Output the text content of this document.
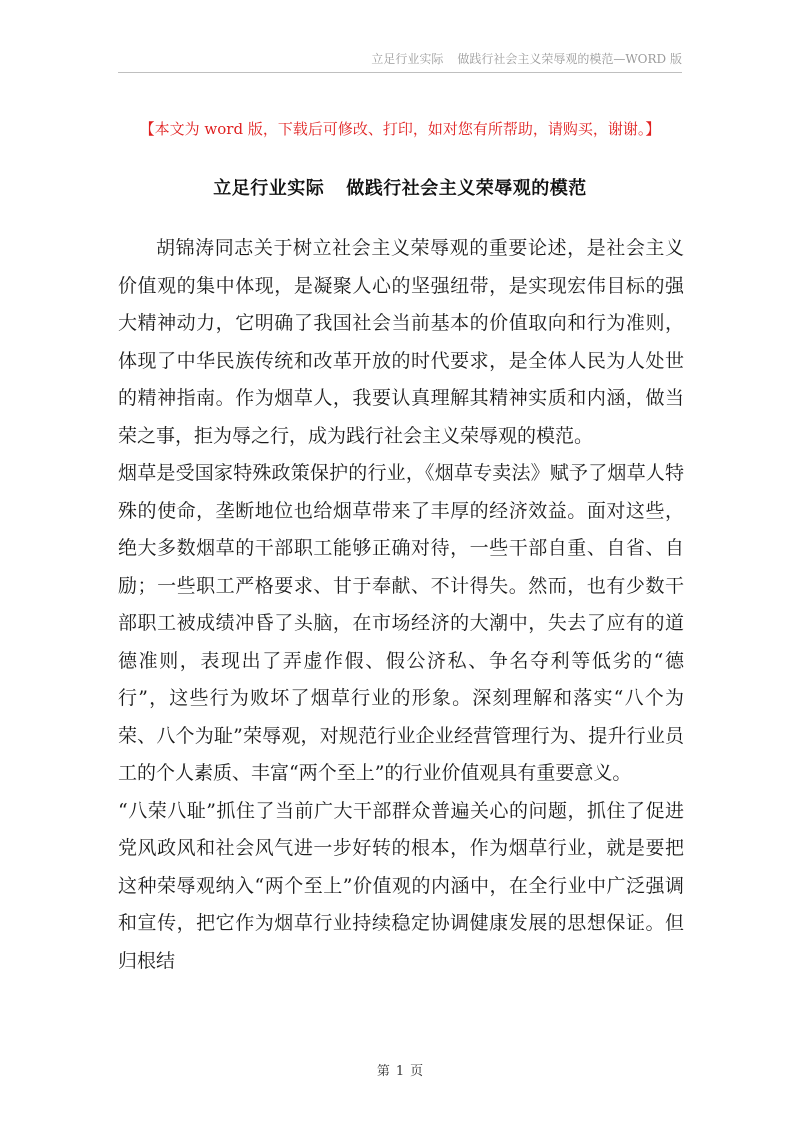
立足行业实际 做践行社会主义荣辱观的模范—WORD 版
【本文为 word 版，下载后可修改、打印，如对您有所帮助，请购买，谢谢。】
立足行业实际 做践行社会主义荣辱观的模范

胡锦涛同志关于树立社会主义荣辱观的重要论述，是社会主义价值观的集中体现，是凝聚人心的坚强纽带，是实现宏伟目标的强大精神动力，它明确了我国社会当前基本的价值取向和行为准则，体现了中华民族传统和改革开放的时代要求，是全体人民为人处世的精神指南。作为烟草人，我要认真理解其精神实质和内涵，做当荣之事，拒为辱之行，成为践行社会主义荣辱观的模范。

烟草是受国家特殊政策保护的行业，《烟草专卖法》赋予了烟草人特殊的使命，垄断地位也给烟草带来了丰厚的经济效益。面对这些，绝大多数烟草的干部职工能够正确对待，一些干部自重、自省、自励；一些职工严格要求、甘于奉献、不计得失。然而，也有少数干部职工被成绩冲昏了头脑，在市场经济的大潮中，失去了应有的道德准则，表现出了弄虚作假、假公济私、争名夺利等低劣的“德行”，这些行为败坏了烟草行业的形象。深刻理解和落实“八个为荣、八个为耻”荣辱观，对规范行业企业经营管理行为、提升行业员工的个人素质、丰富“两个至上”的行业价值观具有重要意义。

“八荣八耻”抓住了当前广大干部群众普遍关心的问题，抓住了促进党风政风和社会风气进一步好转的根本，作为烟草行业，就是要把这种荣辱观纳入“两个至上”价值观的内涵中，在全行业中广泛强调和宣传，把它作为烟草行业持续稳定协调健康发展的思想保证。但归根结

第 1 页
